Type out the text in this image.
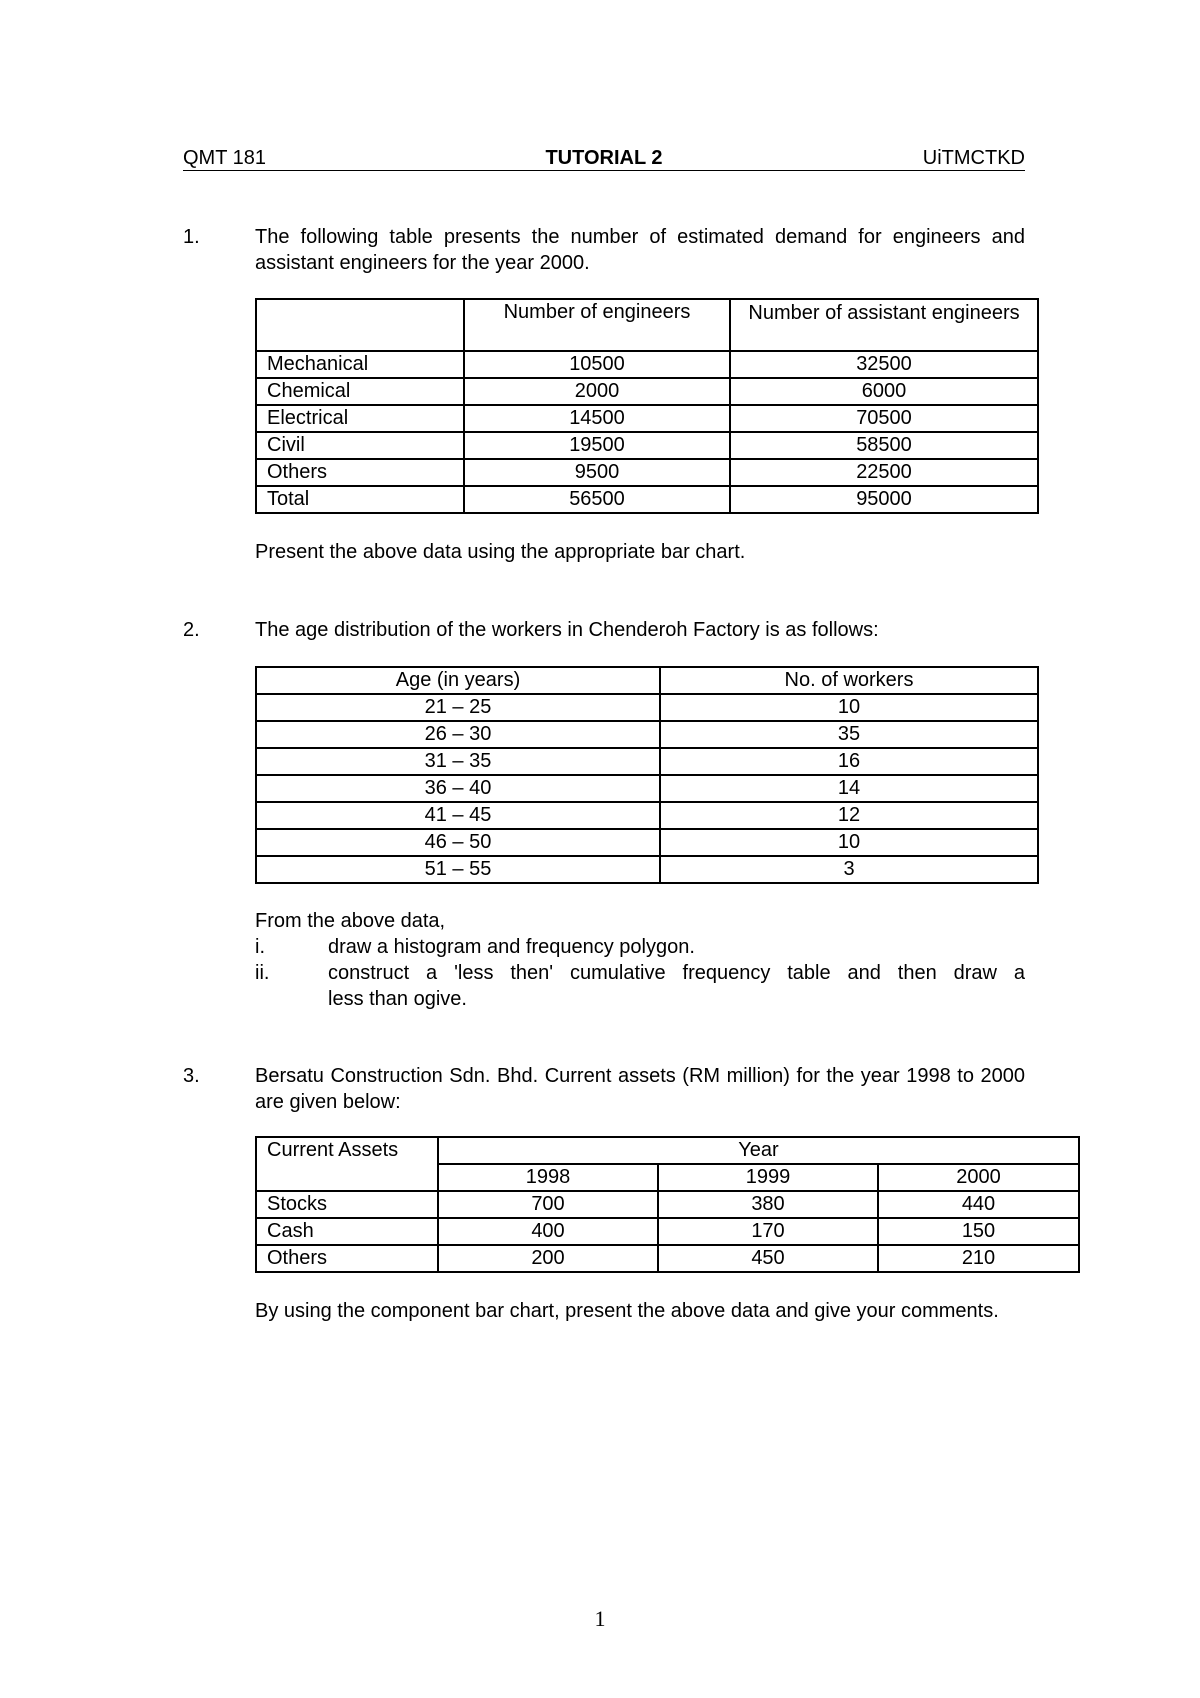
QMT 181	TUTORIAL 2	UiTMCTKD
1.	The following table presents the number of estimated demand for engineers and assistant engineers for the year 2000.

	Number of engineers	Number of assistant engineers
Mechanical	10500	32500
Chemical	2000	6000
Electrical	14500	70500
Civil	19500	58500
Others	9500	22500
Total	56500	95000

Present the above data using the appropriate bar chart.

2.	The age distribution of the workers in Chenderoh Factory is as follows:

Age (in years)	No. of workers
21 – 25	10
26 – 30	35
31 – 35	16
36 – 40	14
41 – 45	12
46 – 50	10
51 – 55	3

From the above data,

i.	draw a histogram and frequency polygon.

ii.	construct a 'less then' cumulative frequency table and then draw a

less than ogive.

3.	Bersatu Construction Sdn. Bhd. Current assets (RM million) for the year 1998 to 2000 are given below:

Current Assets	Year		
	1998	1999	2000
Stocks	700	380	440
Cash	400	170	150
Others	200	450	210

By using the component bar chart, present the above data and give your comments.

1
